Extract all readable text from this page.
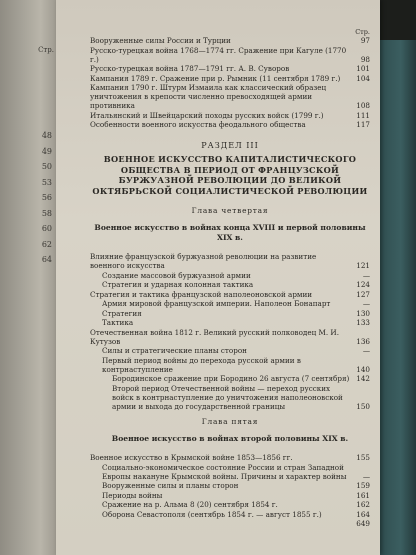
Стр.
48
49
50
53
56
58
60
62
64
Стр.
Вооруженные силы России и Турции	97
Русско-турецкая война 1768—1774 гг. Сражение при Кагуле (1770 г.)	98
Русско-турецкая война 1787—1791 гг. А. В. Суворов	101
Кампания 1789 г. Сражение при р. Рымник (11 сентября 1789 г.)	104
Кампания 1790 г. Штурм Измаила как классический образец уничтожения в крепости численно превосходящей армии противника	108
Итальянский и Швейцарский походы русских войск (1799 г.)	111
Особенности военного искусства феодального общества	117
РАЗДЕЛ III
ВОЕННОЕ ИСКУССТВО КАПИТАЛИСТИЧЕСКОГО ОБЩЕСТВА В ПЕРИОД ОТ ФРАНЦУЗСКОЙ БУРЖУАЗНОЙ РЕВОЛЮЦИИ ДО ВЕЛИКОЙ ОКТЯБРЬСКОЙ СОЦИАЛИСТИЧЕСКОЙ РЕВОЛЮЦИИ
Глава четвертая
Военное искусство в войнах конца XVIII и первой половины XIX в.
Влияние французской буржуазной революции на развитие военного искусства	121
Создание массовой буржуазной армии	—
Стратегия и ударная колонная тактика	124
Стратегия и тактика французской наполеоновской армии	127
Армия мировой французской империи. Наполеон Бонапарт	—
Стратегия	130
Тактика	133
Отечественная война 1812 г. Великий русский полководец М. И. Кутузов	136
Силы и стратегические планы сторон	—
Первый период войны до перехода русской армии в контрнаступление	140
Бородинское сражение при Бородино 26 августа (7 сентября) 142
Второй период Отечественной войны — переход русских войск в контрнаступление до уничтожения наполеоновской армии и выхода до государственной границы	150
Глава пятая
Военное искусство в войнах второй половины XIX в.
Военное искусство в Крымской войне 1853—1856 гг.	155
Социально-экономическое состояние России и стран Западной Европы накануне Крымской войны. Причины и характер войны	—
Вооруженные силы и планы сторон	159
Периоды войны	161
Сражение на р. Альма 8 (20) сентября 1854 г.	162
Оборона Севастополя (сентябрь 1854 г. — август 1855 г.)	164
649
